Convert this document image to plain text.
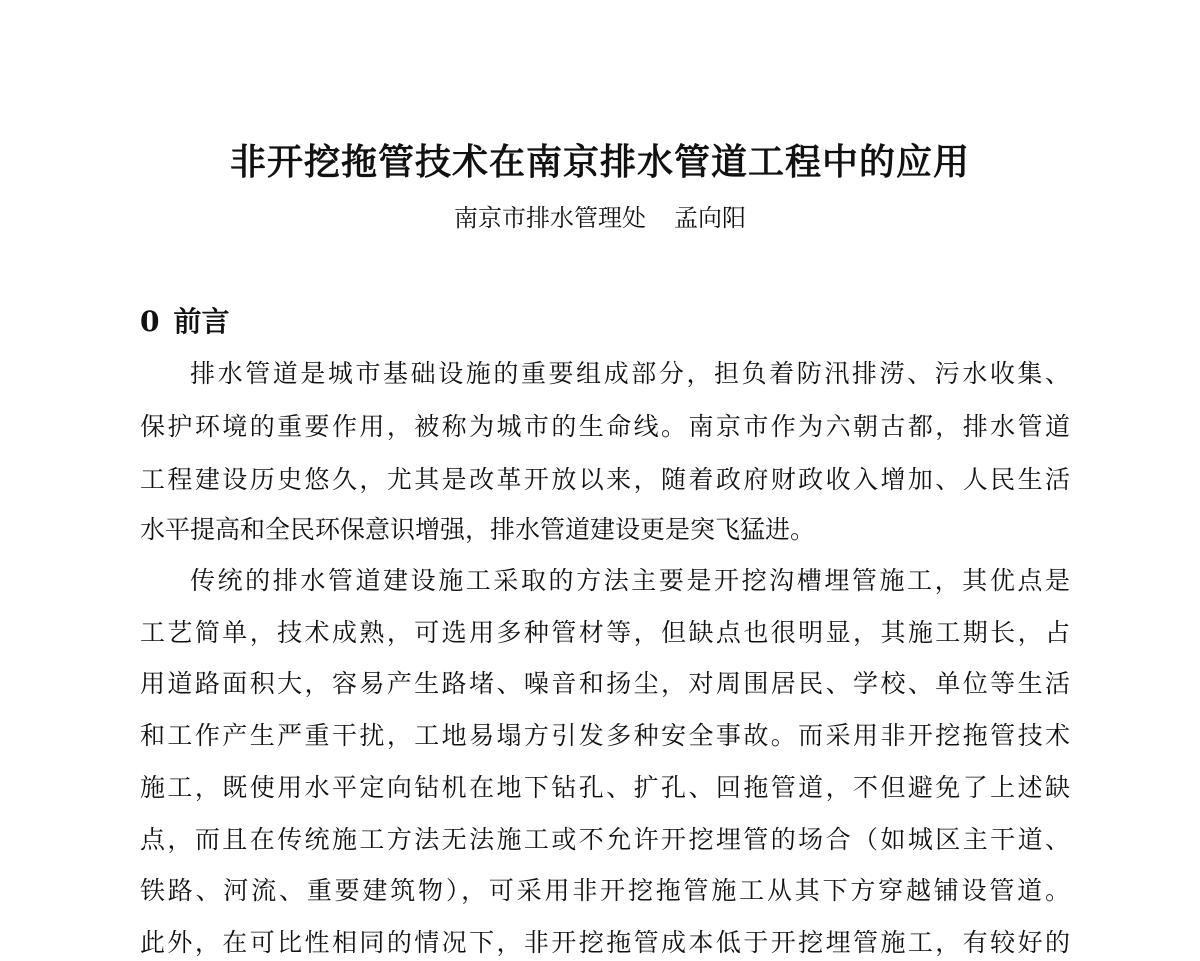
非开挖拖管技术在南京排水管道工程中的应用
南京市排水管理处 孟向阳
0 前言
排水管道是城市基础设施的重要组成部分，担负着防汛排涝、污水收集、
保护环境的重要作用，被称为城市的生命线。南京市作为六朝古都，排水管道
工程建设历史悠久，尤其是改革开放以来，随着政府财政收入增加、人民生活
水平提高和全民环保意识增强，排水管道建设更是突飞猛进。
传统的排水管道建设施工采取的方法主要是开挖沟槽埋管施工，其优点是
工艺简单，技术成熟，可选用多种管材等，但缺点也很明显，其施工期长，占
用道路面积大，容易产生路堵、噪音和扬尘，对周围居民、学校、单位等生活
和工作产生严重干扰，工地易塌方引发多种安全事故。而采用非开挖拖管技术
施工，既使用水平定向钻机在地下钻孔、扩孔、回拖管道，不但避免了上述缺
点，而且在传统施工方法无法施工或不允许开挖埋管的场合（如城区主干道、
铁路、河流、重要建筑物），可采用非开挖拖管施工从其下方穿越铺设管道。
此外，在可比性相同的情况下，非开挖拖管成本低于开挖埋管施工，有较好的
